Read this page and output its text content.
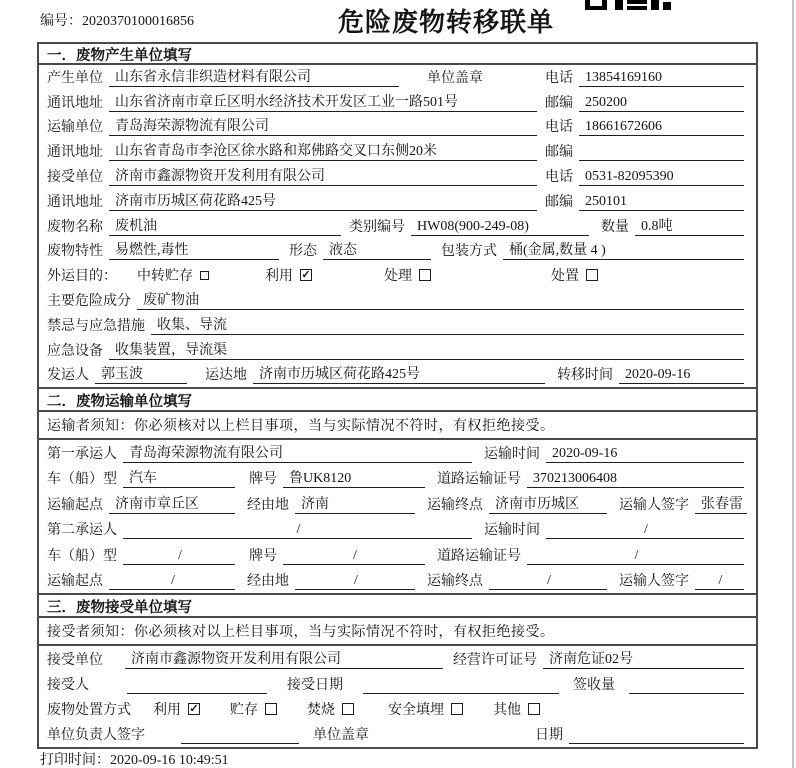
编号：2020370100016856	危险废物转移联单
一．废物产生单位填写
产生单位 山东省永信非织造材料有限公司	单位盖章	电话 13854169160
通讯地址 山东省济南市章丘区明水经济技术开发区工业一路501号	邮编 250200
运输单位 青岛海荣源物流有限公司	电话 18661672606
通讯地址 山东省青岛市李沧区徐水路和郑佛路交叉口东侧20米	邮编
接受单位 济南市鑫源物资开发利用有限公司	电话 0531-82095390
通讯地址 济南市历城区荷花路425号	邮编 250101
废物名称 废机油	类别编号 HW08(900-249-08)	数量 0.8吨
废物特性 易燃性,毒性	形态 液态	包装方式 桶(金属,数量 4 )
外运目的： 中转贮存	利用 ✓	处理	处置
主要危险成分 废矿物油
禁忌与应急措施 收集、导流
应急设备 收集装置，导流渠
发运人 郭玉波	运达地 济南市历城区荷花路425号	转移时间 2020-09-16
二．废物运输单位填写
运输者须知：你必须核对以上栏目事项，当与实际情况不符时，有权拒绝接受。
第一承运人 青岛海荣源物流有限公司	运输时间 2020-09-16
车（船）型 汽车	牌号 鲁UK8120	道路运输证号 370213006408
运输起点 济南市章丘区	经由地 济南	运输终点 济南市历城区	运输人签字 张春雷
第二承运人	/	运输时间	/
车（船）型	/	牌号	/	道路运输证号	/
运输起点	/	经由地	/	运输终点	/	运输人签字	/
三．废物接受单位填写
接受者须知：你必须核对以上栏目事项，当与实际情况不符时，有权拒绝接受。
接受单位	济南市鑫源物资开发利用有限公司	经营许可证号 济南危证02号
接受人	接受日期	签收量
废物处置方式 利用 ✓ 贮存	焚烧	安全填埋	其他
单位负责人签字	单位盖章	日期
打印时间：2020-09-16 10:49:51
